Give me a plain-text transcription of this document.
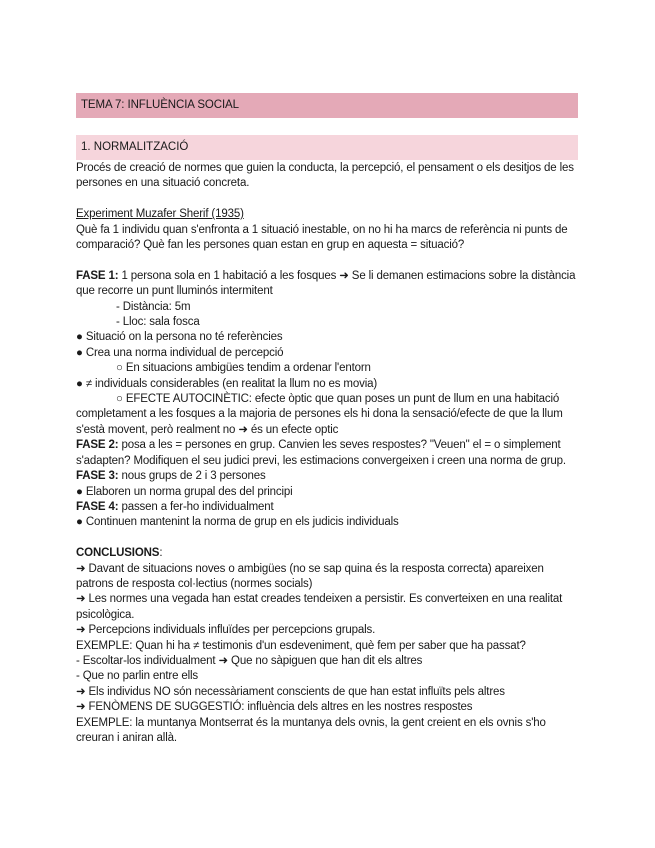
TEMA 7: INFLUÈNCIA SOCIAL
1. NORMALITZACIÓ

Procés de creació de normes que guien la conducta, la percepció, el pensament o els desitjos de les persones en una situació concreta.

Experiment Muzafer Sherif (1935)

Què fa 1 individu quan s'enfronta a 1 situació inestable, on no hi ha marcs de referència ni punts de comparació? Què fan les persones quan estan en grup en aquesta = situació?

FASE 1: 1 persona sola en 1 habitació a les fosques ➜ Se li demanen estimacions sobre la distància que recorre un punt lluminós intermitent

- Distància: 5m

- Lloc: sala fosca

● Situació on la persona no té referències

● Crea una norma individual de percepció

○ En situacions ambigües tendim a ordenar l'entorn

● ≠ individuals considerables (en realitat la llum no es movia)

○ EFECTE AUTOCINÈTIC: efecte òptic que quan poses un punt de llum en una habitació completament a les fosques a la majoria de persones els hi dona la sensació/efecte de que la llum s'està movent, però realment no ➜ és un efecte optic

FASE 2: posa a les = persones en grup. Canvien les seves respostes? "Veuen" el = o simplement s'adapten? Modifiquen el seu judici previ, les estimacions convergeixen i creen una norma de grup.

FASE 3: nous grups de 2 i 3 persones

● Elaboren un norma grupal des del principi

FASE 4: passen a fer-ho individualment

● Continuen mantenint la norma de grup en els judicis individuals

CONCLUSIONS:

➜ Davant de situacions noves o ambigües (no se sap quina és la resposta correcta) apareixen patrons de resposta col·lectius (normes socials)

➜ Les normes una vegada han estat creades tendeixen a persistir. Es converteixen en una realitat psicològica.

➜ Percepcions individuals influïdes per percepcions grupals.

EXEMPLE: Quan hi ha ≠ testimonis d'un esdeveniment, què fem per saber que ha passat?

- Escoltar-los individualment ➜ Que no sàpiguen que han dit els altres

- Que no parlin entre ells

➜ Els individus NO són necessàriament conscients de que han estat influïts pels altres

➜ FENÒMENS DE SUGGESTIÓ: influència dels altres en les nostres respostes

EXEMPLE: la muntanya Montserrat és la muntanya dels ovnis, la gent creient en els ovnis s'ho creuran i aniran allà.
